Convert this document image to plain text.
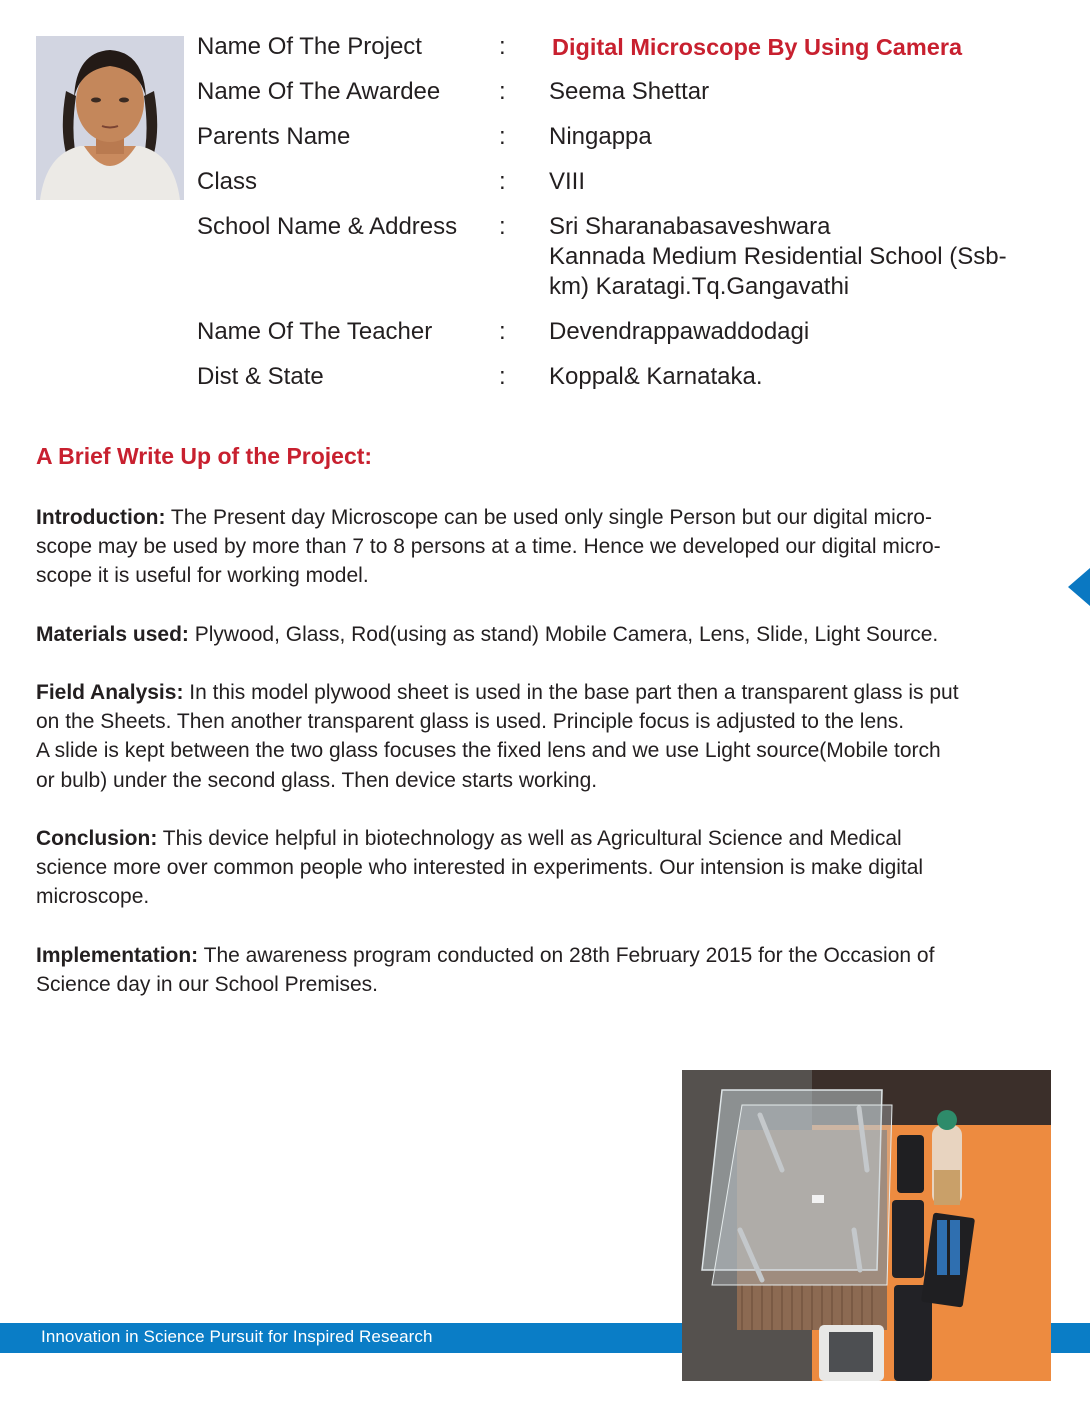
Name Of The Project	: Digital Microscope By Using Camera
Name Of The Awardee : Seema Shettar
Parents Name	: Ningappa
Class	: VIII
School Name & Address : Sri Sharanabasaveshwara
Kannada Medium Residential School (Ssb-
km) Karatagi.Tq.Gangavathi
Name Of The Teacher	: Devendrappawaddodagi
Dist & State	: Koppal& Karnataka.
A Brief Write Up of the Project:
Introduction: The Present day Microscope can be used only single Person but our digital micro-
scope may be used by more than 7 to 8 persons at a time. Hence we developed our digital micro-
scope it is useful for working model.
Materials used: Plywood, Glass, Rod(using as stand) Mobile Camera, Lens, Slide, Light Source.
Field Analysis: In this model plywood sheet is used in the base part then a transparent glass is put
on the Sheets. Then another transparent glass is used. Principle focus is adjusted to the lens.
A slide is kept between the two glass focuses the fixed lens and we use Light source(Mobile torch
or bulb) under the second glass. Then device starts working.
Conclusion: This device helpful in biotechnology as well as Agricultural Science and Medical
science more over common people who interested in experiments. Our intension is make digital
microscope.
Implementation: The awareness program conducted on 28th February 2015 for the Occasion of
Science day in our School Premises.
Innovation in Science Pursuit for Inspired Research
